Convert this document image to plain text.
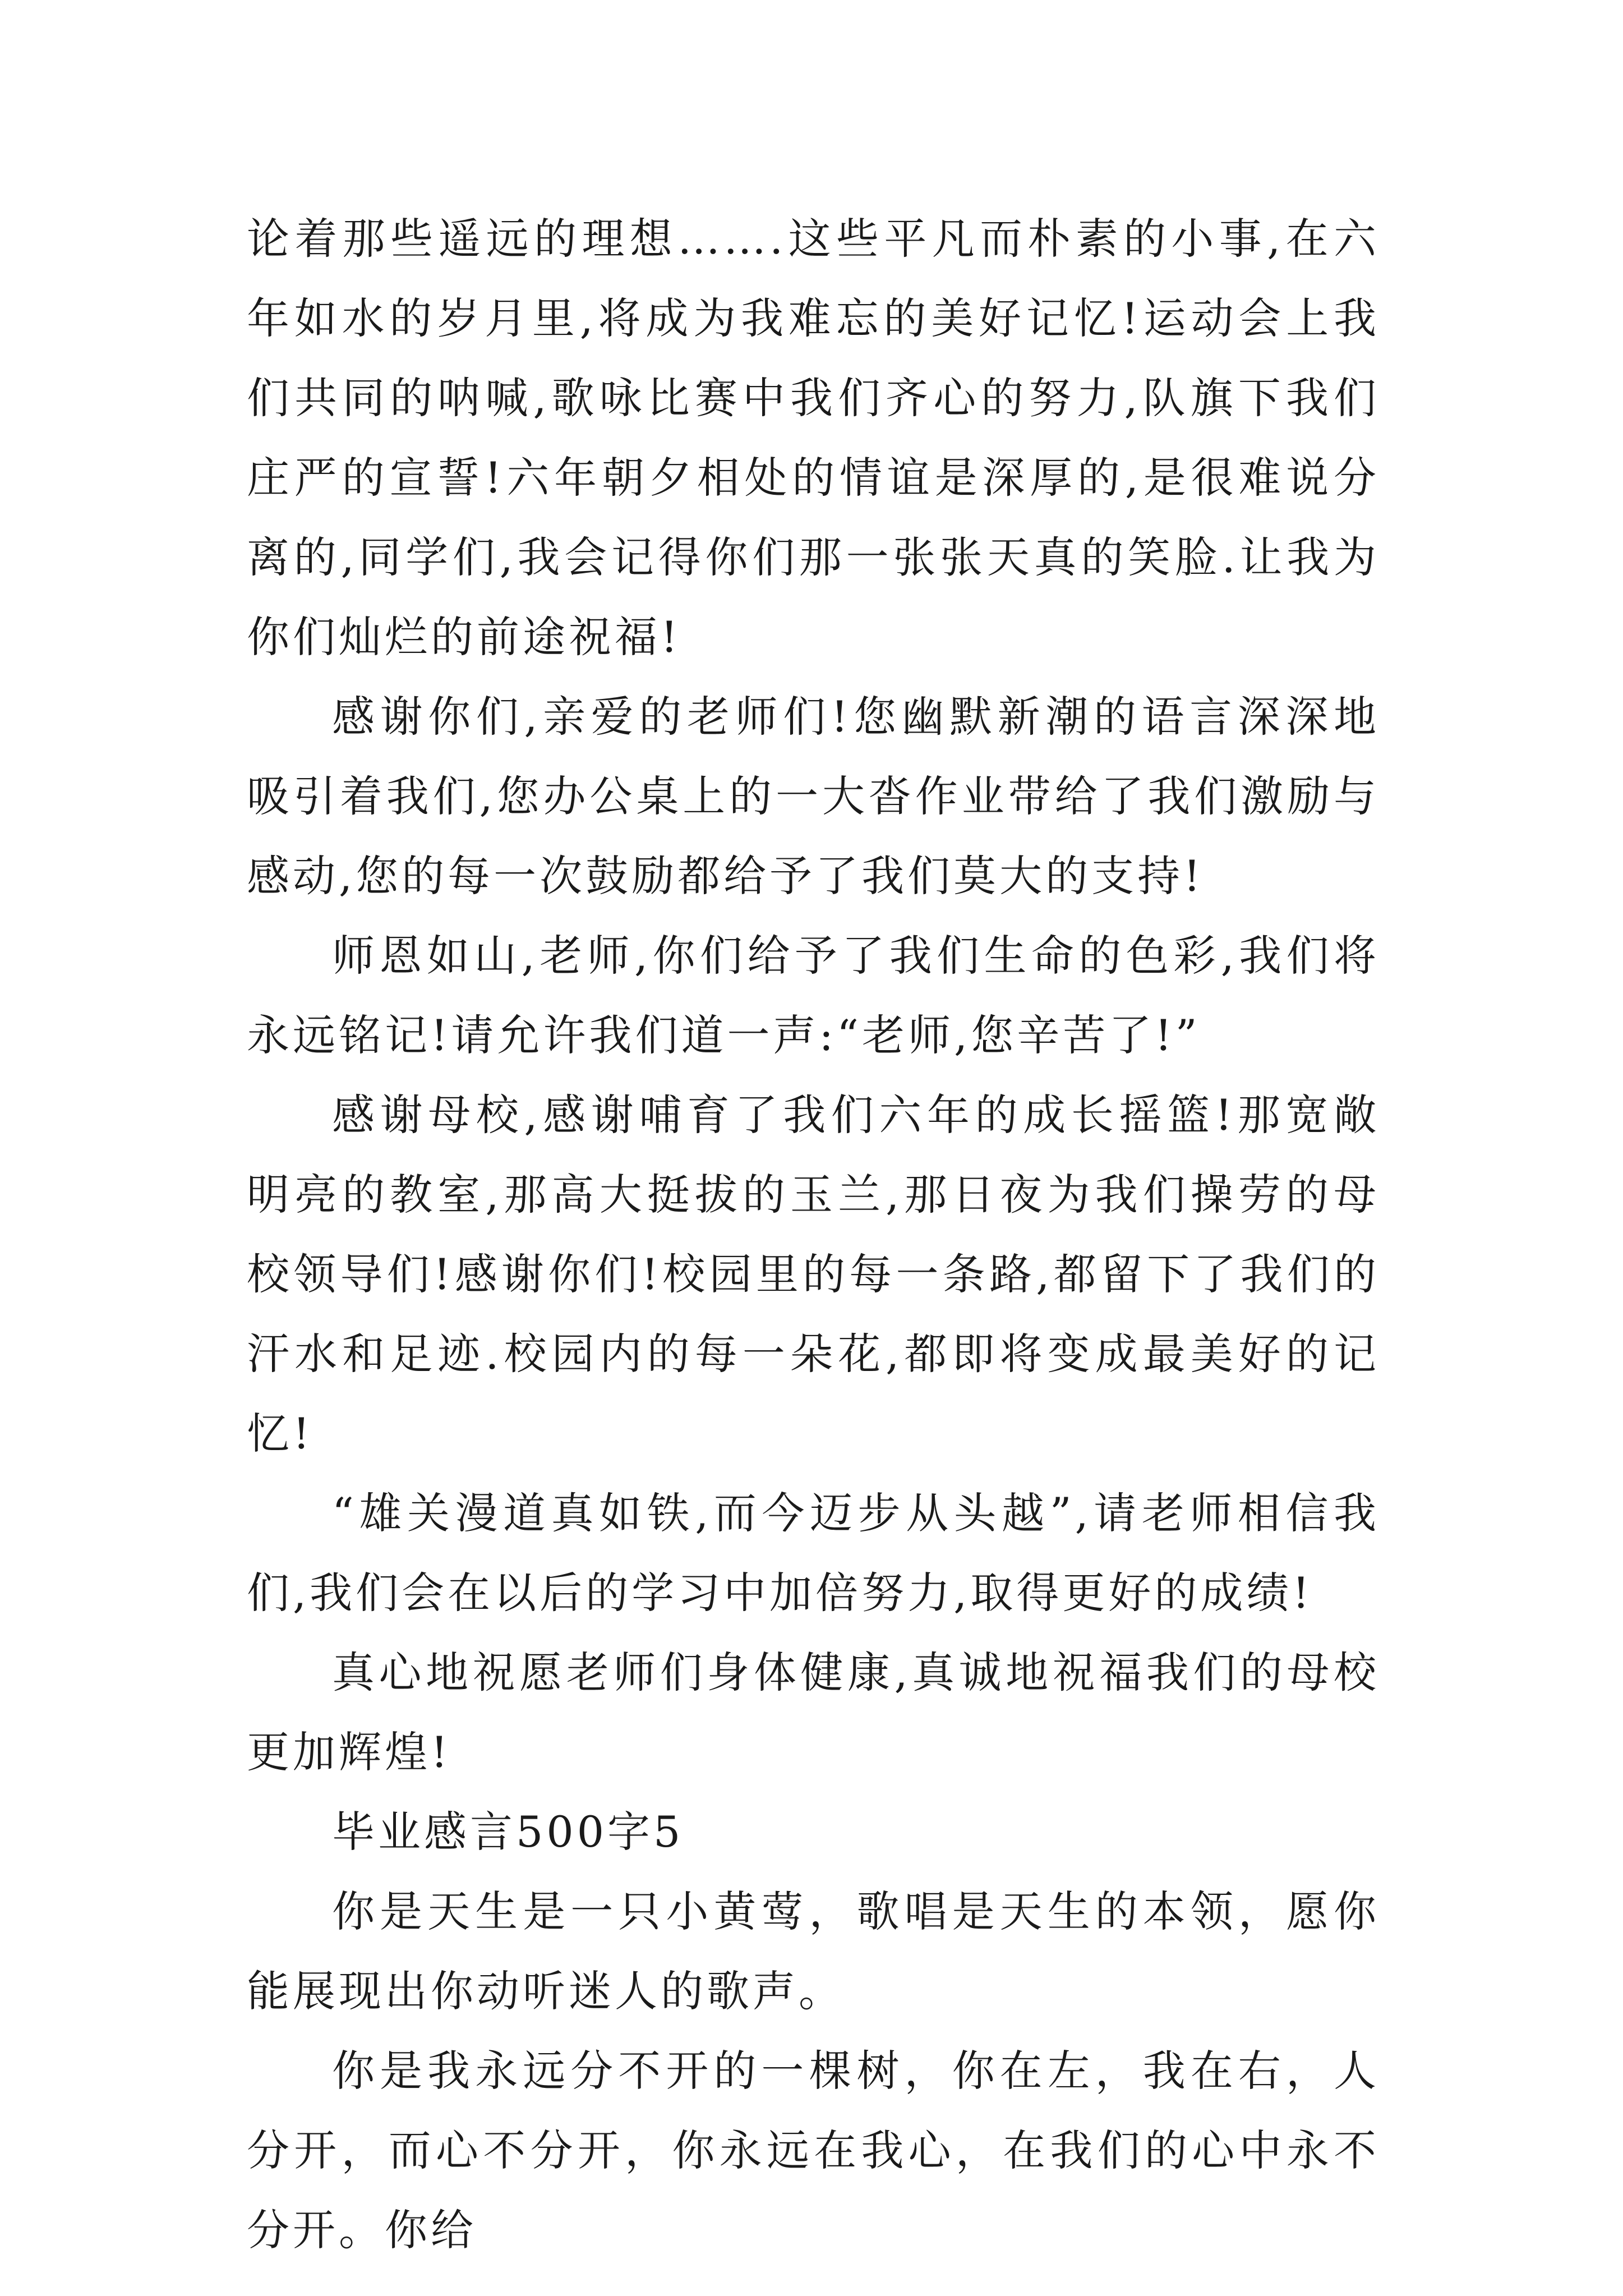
论着那些遥远的理想…….这些平凡而朴素的小事,在六年如水的岁月里,将成为我难忘的美好记忆!运动会上我们共同的呐喊,歌咏比赛中我们齐心的努力,队旗下我们庄严的宣誓!六年朝夕相处的情谊是深厚的,是很难说分离的,同学们,我会记得你们那一张张天真的笑脸.让我为你们灿烂的前途祝福!

感谢你们,亲爱的老师们!您幽默新潮的语言深深地吸引着我们,您办公桌上的一大沓作业带给了我们激励与感动,您的每一次鼓励都给予了我们莫大的支持!

师恩如山,老师,你们给予了我们生命的色彩,我们将永远铭记!请允许我们道一声:“老师,您辛苦了!”

感谢母校,感谢哺育了我们六年的成长摇篮!那宽敞明亮的教室,那高大挺拔的玉兰,那日夜为我们操劳的母校领导们!感谢你们!校园里的每一条路,都留下了我们的汗水和足迹.校园内的每一朵花,都即将变成最美好的记忆!

“雄关漫道真如铁,而今迈步从头越”,请老师相信我们,我们会在以后的学习中加倍努力,取得更好的成绩!

真心地祝愿老师们身体健康,真诚地祝福我们的母校更加辉煌!

毕业感言500字5

你是天生是一只小黄莺，歌唱是天生的本领，愿你能展现出你动听迷人的歌声。

你是我永远分不开的一棵树，你在左，我在右，人分开，而心不分开，你永远在我心，在我们的心中永不分开。你给
